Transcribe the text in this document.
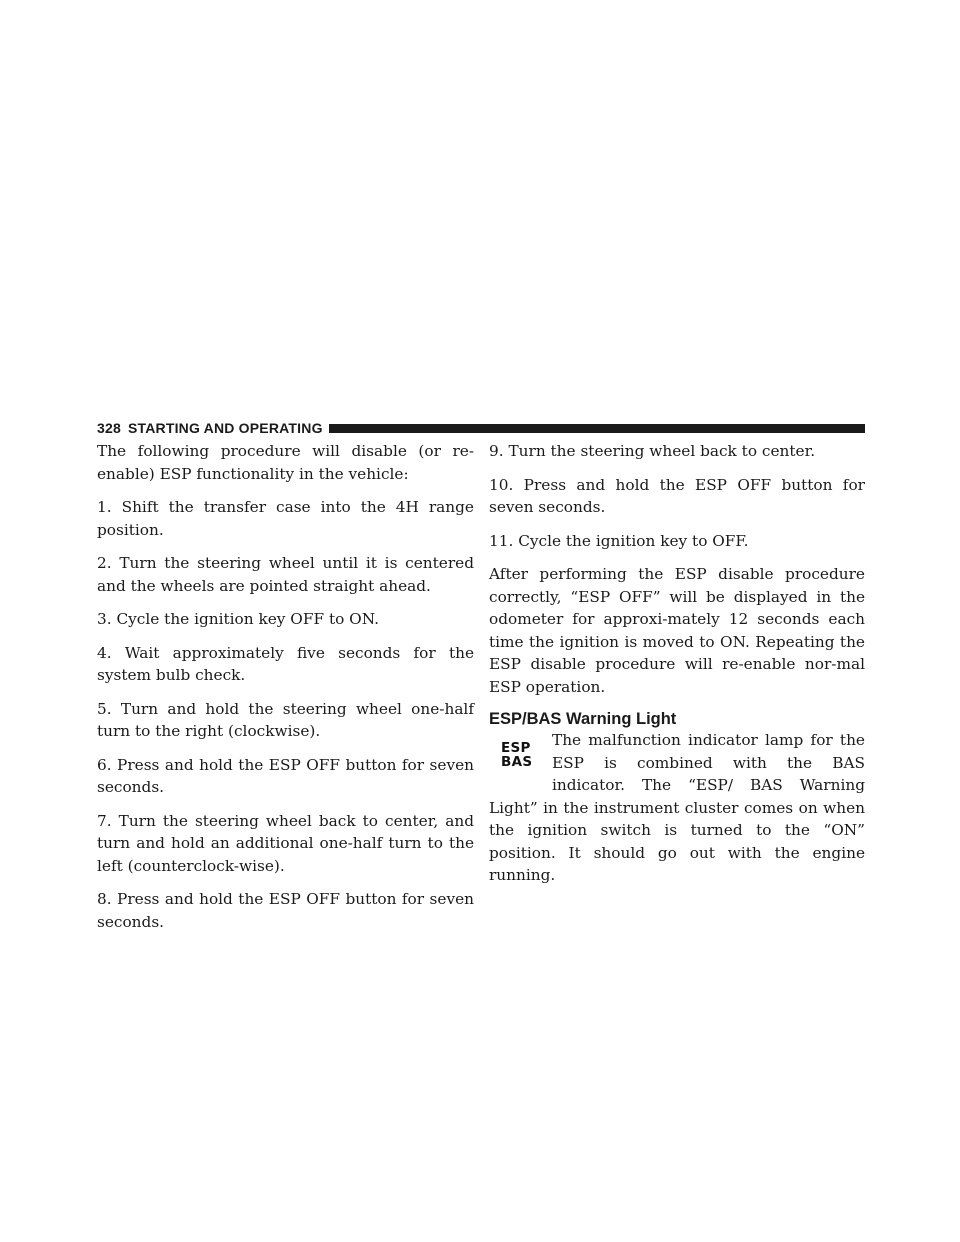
328 STARTING AND OPERATING

The following procedure will disable (or re-enable) ESP functionality in the vehicle:

1. Shift the transfer case into the 4H range position.

2. Turn the steering wheel until it is centered and the wheels are pointed straight ahead.

3. Cycle the ignition key OFF to ON.

4. Wait approximately five seconds for the system bulb check.

5. Turn and hold the steering wheel one-half turn to the right (clockwise).

6. Press and hold the ESP OFF button for seven seconds.

7. Turn the steering wheel back to center, and turn and hold an additional one-half turn to the left (counterclock-wise).

8. Press and hold the ESP OFF button for seven seconds.

9. Turn the steering wheel back to center.

10. Press and hold the ESP OFF button for seven seconds.

11. Cycle the ignition key to OFF.

After performing the ESP disable procedure correctly, “ESP OFF” will be displayed in the odometer for approxi-mately 12 seconds each time the ignition is moved to ON. Repeating the ESP disable procedure will re-enable nor-mal ESP operation.

ESP/BAS Warning Light

ESP
BAS
The malfunction indicator lamp for the ESP is combined with the BAS indicator. The “ESP/ BAS Warning Light” in the instrument cluster comes on when the ignition switch is turned to the “ON” position. It should go out with the engine running.
